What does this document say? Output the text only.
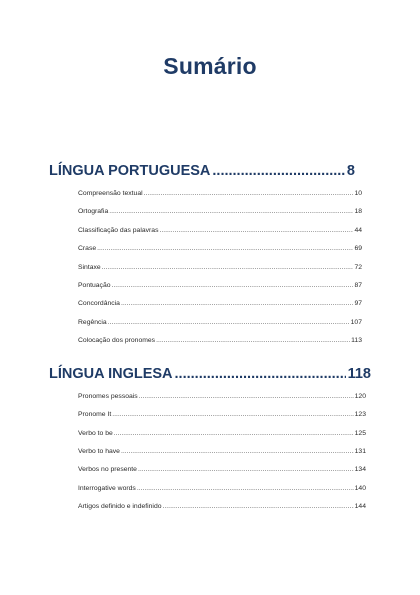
Sumário
LÍNGUA PORTUGUESA .....	8
Compreensão textual .....	10
Ortografia .....	18
Classificação das palavras .....	44
Crase .....	69
Sintaxe .....	72
Pontuação .....	87
Concordância .....	97
Regência .....	107
Colocação dos pronomes .....	113
LÍNGUA INGLESA .....	118
Pronomes pessoais .....	120
Pronome It .....	123
Verbo to be .....	125
Verbo to have .....	131
Verbos no presente .....	134
Interrogative words .....	140
Artigos definido e indefinido .....	144
